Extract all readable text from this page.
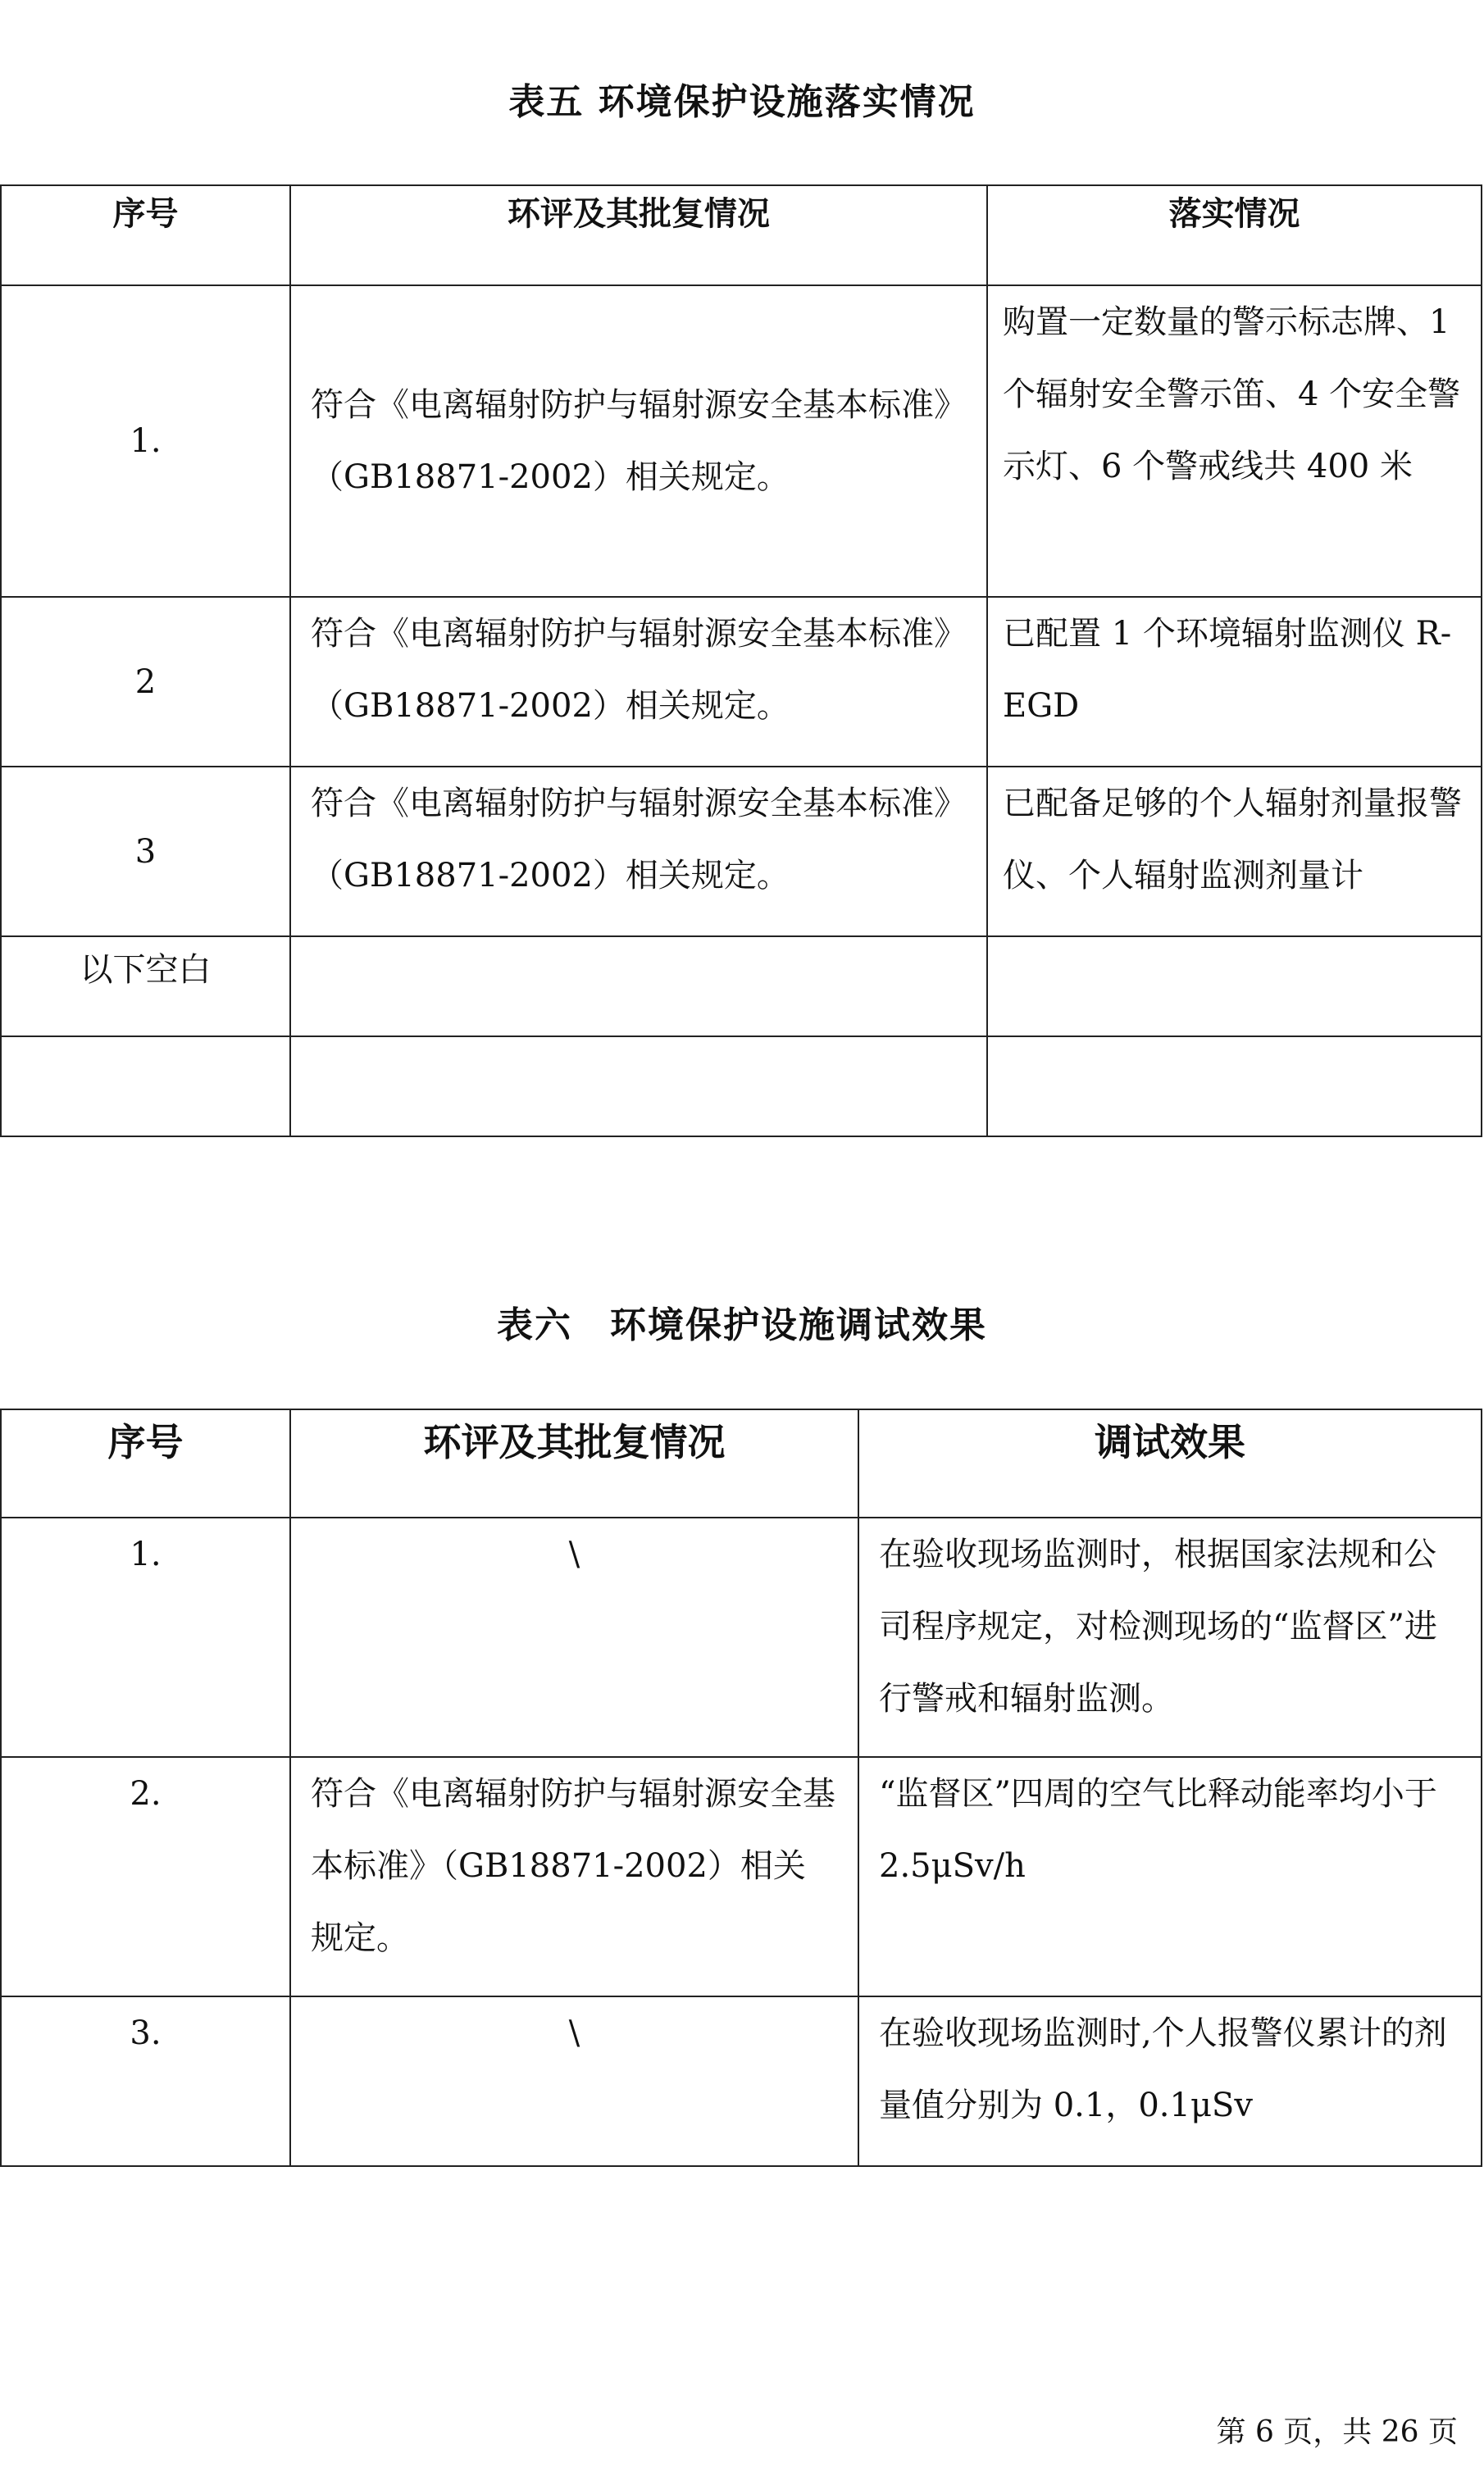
表五 环境保护设施落实情况
序号	环评及其批复情况	落实情况
1.	符合《电离辐射防护与辐射源安全基本标准》（GB18871-2002）相关规定。	购置一定数量的警示标志牌、1 个辐射安全警示笛、4 个安全警示灯、6 个警戒线共 400 米
2	符合《电离辐射防护与辐射源安全基本标准》（GB18871-2002）相关规定。	已配置 1 个环境辐射监测仪 R-EGD
3	符合《电离辐射防护与辐射源安全基本标准》（GB18871-2002）相关规定。	已配备足够的个人辐射剂量报警仪、个人辐射监测剂量计
以下空白		

表六　环境保护设施调试效果
序号	环评及其批复情况	调试效果
1.	\	在验收现场监测时，根据国家法规和公司程序规定，对检测现场的“监督区”进行警戒和辐射监测。
2.	符合《电离辐射防护与辐射源安全基本标准》（GB18871-2002）相关规定。	“监督区”四周的空气比释动能率均小于 2.5μSv/h
3.	\	在验收现场监测时,个人报警仪累计的剂量值分别为 0.1，0.1μSv
第 6 页，共 26 页
